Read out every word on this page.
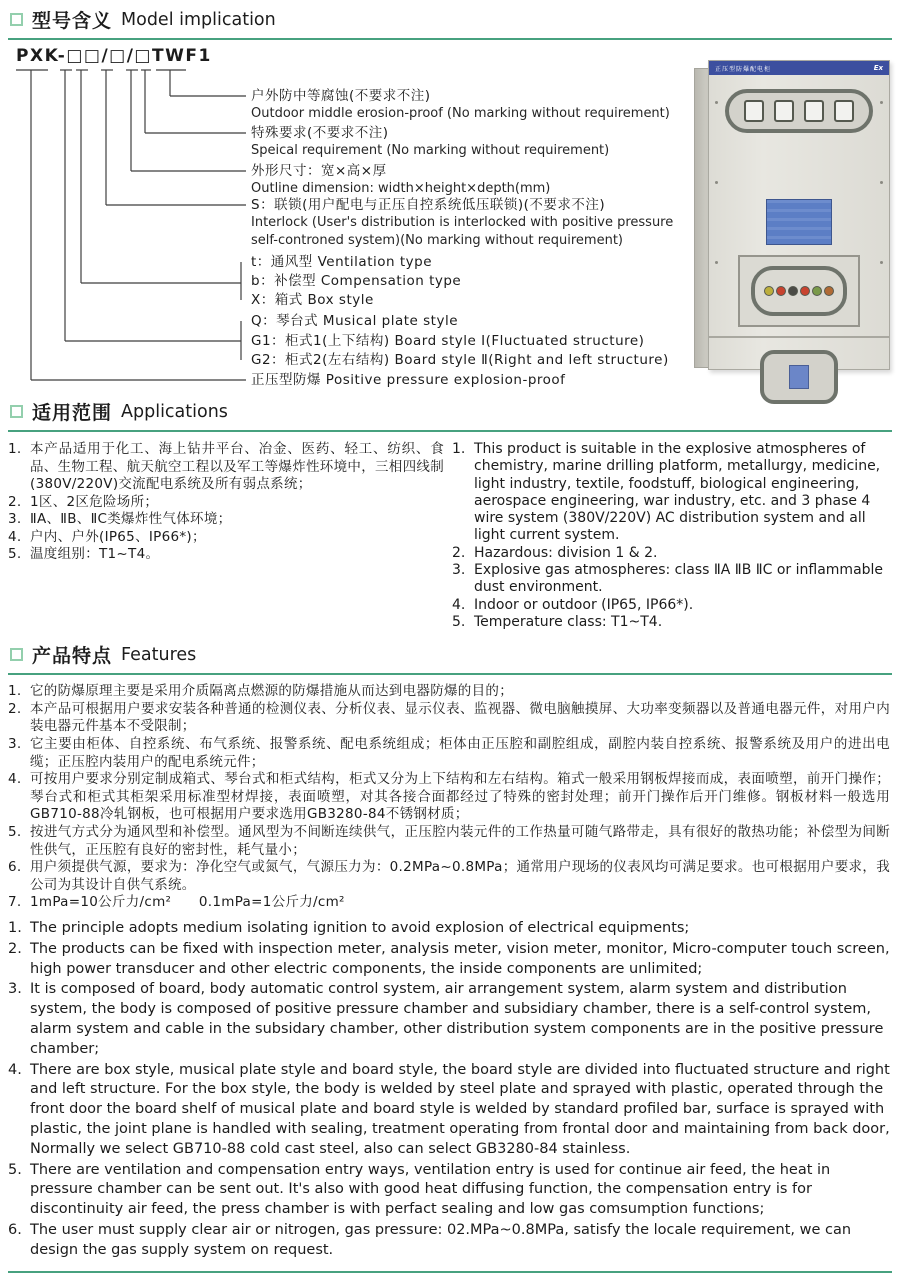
型号含义 Model implication
PXK-□□/□/□TWF1
户外防中等腐蚀(不要求不注)
Outdoor middle erosion-proof (No marking without requirement)
特殊要求(不要求不注)
Speical requirement (No marking without requirement)
外形尺寸：宽×高×厚
Outline dimension: width×height×depth(mm)
S：联锁(用户配电与正压自控系统低压联锁)(不要求不注)
Interlock (User's distribution is interlocked with positive pressure self-controned system)(No marking without requirement)
t：通风型 Ventilation type
b：补偿型 Compensation type
X：箱式 Box style
Q：琴台式 Musical plate style
G1：柜式1(上下结构) Board style Ⅰ(Fluctuated structure)
G2：柜式2(左右结构) Board style Ⅱ(Right and left structure)
正压型防爆 Positive pressure explosion-proof
正压型防爆配电柜	Ex
适用范围 Applications
1. 本产品适用于化工、海上钻井平台、冶金、医药、轻工、纺织、食品、生物工程、航天航空工程以及军工等爆炸性环境中，三相四线制(380V/220V)交流配电系统及所有弱点系统；
2. 1区、2区危险场所；
3. ⅡA、ⅡB、ⅡC类爆炸性气体环境；
4. 户内、户外(IP65、IP66*)；
5. 温度组别：T1~T4。
1. This product is suitable in the explosive atmospheres of chemistry, marine drilling platform, metallurgy, medicine, light industry, textile, foodstuff, biological engineering, aerospace engineering, war industry, etc. and 3 phase 4 wire system (380V/220V) AC distribution system and all light current system.
2. Hazardous: division 1 & 2.
3. Explosive gas atmospheres: class ⅡA ⅡB ⅡC or inflammable dust environment.
4. Indoor or outdoor (IP65, IP66*).
5. Temperature class: T1~T4.
产品特点 Features
1. 它的防爆原理主要是采用介质隔离点燃源的防爆措施从而达到电器防爆的目的；
2. 本产品可根据用户要求安装各种普通的检测仪表、分析仪表、显示仪表、监视器、微电脑触摸屏、大功率变频器以及普通电器元件，对用户内装电器元件基本不受限制；
3. 它主要由柜体、自控系统、布气系统、报警系统、配电系统组成；柜体由正压腔和副腔组成，副腔内装自控系统、报警系统及用户的进出电缆；正压腔内装用户的配电系统元件；
4. 可按用户要求分别定制成箱式、琴台式和柜式结构，柜式又分为上下结构和左右结构。箱式一般采用钢板焊接而成，表面喷塑，前开门操作；琴台式和柜式其柜架采用标准型材焊接，表面喷塑，对其各接合面都经过了特殊的密封处理；前开门操作后开门维修。钢板材料一般选用GB710-88冷轧钢板，也可根据用户要求选用GB3280-84不锈钢材质；
5. 按进气方式分为通风型和补偿型。通风型为不间断连续供气，正压腔内装元件的工作热量可随气路带走，具有很好的散热功能；补偿型为间断性供气，正压腔有良好的密封性，耗气量小；
6. 用户须提供气源，要求为：净化空气或氮气，气源压力为：0.2MPa~0.8MPa；通常用户现场的仪表风均可满足要求。也可根据用户要求，我公司为其设计自供气系统。
7. 1mPa=10公斤力/cm²　　0.1mPa=1公斤力/cm²
1. The principle adopts medium isolating ignition to avoid explosion of electrical equipments;
2. The products can be fixed with inspection meter, analysis meter, vision meter, monitor, Micro-computer touch screen, high power transducer and other electric components, the inside components are unlimited;
3. It is composed of board, body automatic control system, air arrangement system, alarm system and distribution system, the body is composed of positive pressure chamber and subsidiary chamber, there is a self-control system, alarm system and cable in the subsidary chamber, other distribution system components are in the positive pressure chamber;
4. There are box style, musical plate style and board style, the board style are divided into fluctuated structure and right and left structure. For the box style, the body is welded by steel plate and sprayed with plastic, operated through the front door the board shelf of musical plate and board style is welded by standard profiled bar, surface is sprayed with plastic, the joint plane is handled with sealing, treatment operating from frontal door and maintaining from back door, Normally we select GB710-88 cold cast steel, also can select GB3280-84 stainless.
5. There are ventilation and compensation entry ways, ventilation entry is used for continue air feed, the heat in pressure chamber can be sent out. It's also with good heat diffusing function, the compensation entry is for discontinuity air feed, the press chamber is with perfact sealing and low gas comsumption functions;
6. The user must supply clear air or nitrogen, gas pressure: 02.MPa~0.8MPa, satisfy the locale requirement, we can design the gas supply system on request.
